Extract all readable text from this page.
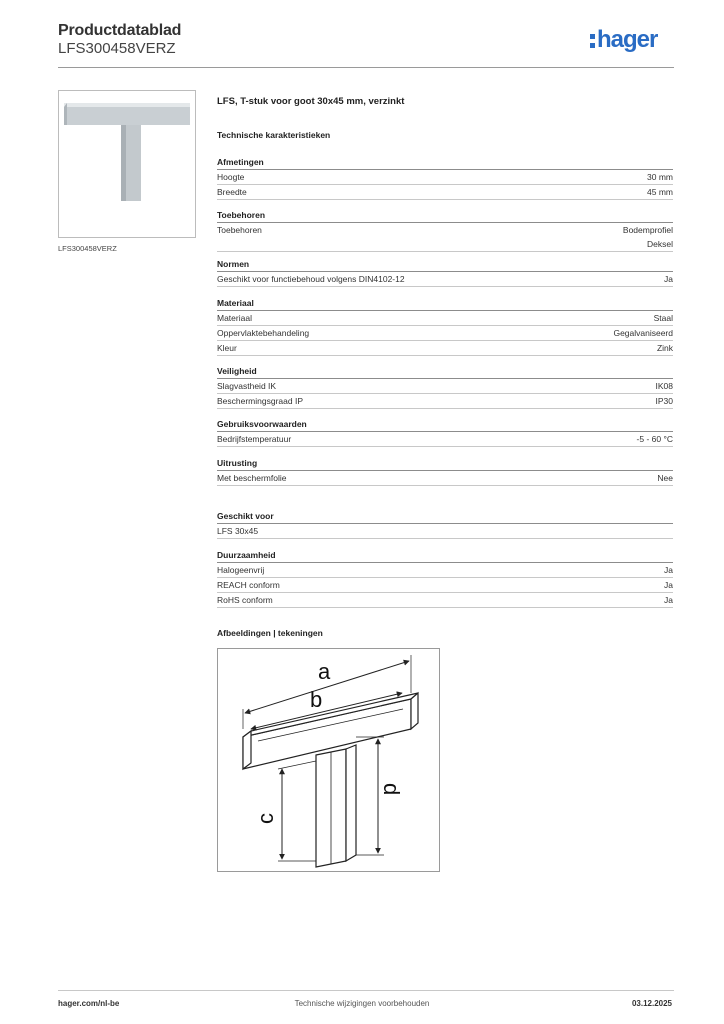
Productdatablad
LFS300458VERZ	hager
LFS300458VERZ
LFS, T-stuk voor goot 30x45 mm, verzinkt
Technische karakteristieken
Afmetingen
Hoogte	30 mm
Breedte	45 mm
Toebehoren
Toebehoren	Bodemprofiel
Deksel
Normen
Geschikt voor functiebehoud volgens DIN4102-12	Ja
Materiaal
Materiaal	Staal
Oppervlaktebehandeling	Gegalvaniseerd
Kleur	Zink
Veiligheid
Slagvastheid IK	IK08
Beschermingsgraad IP	IP30
Gebruiksvoorwaarden
Bedrijfstemperatuur	-5 - 60 °C
Uitrusting
Met beschermfolie	Nee
Geschikt voor
LFS 30x45
Duurzaamheid
Halogeenvrij	Ja
REACH conform	Ja
RoHS conform	Ja
Afbeeldingen | tekeningen
a
b
c
d
hager.com/nl-be	Technische wijzigingen voorbehouden	03.12.2025
